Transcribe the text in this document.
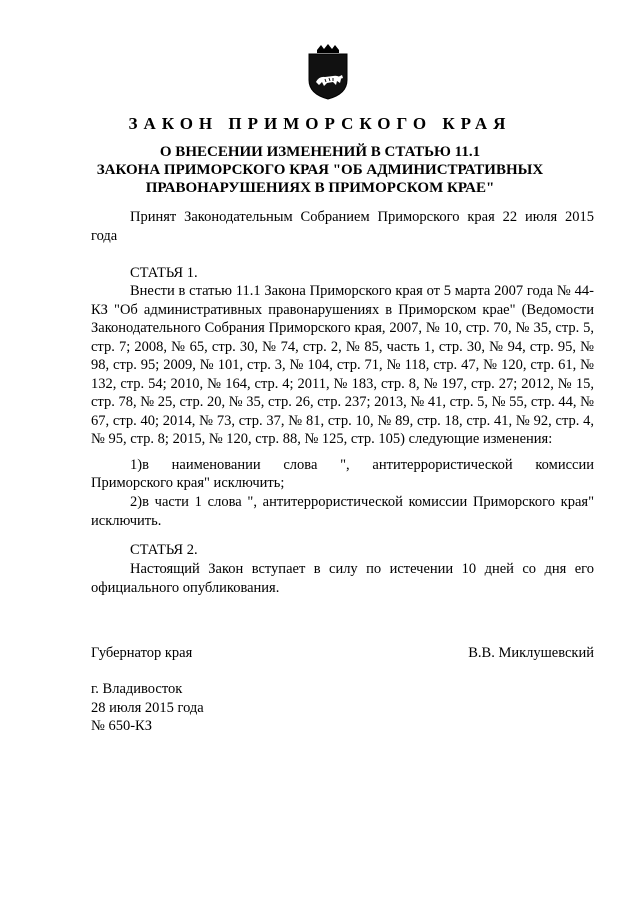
ЗАКОН ПРИМОРСКОГО КРАЯ
О ВНЕСЕНИИ ИЗМЕНЕНИЙ В СТАТЬЮ 11.1
ЗАКОНА ПРИМОРСКОГО КРАЯ "ОБ АДМИНИСТРАТИВНЫХ
ПРАВОНАРУШЕНИЯХ В ПРИМОРСКОМ КРАЕ"
Принят Законодательным Собранием Приморского края 22 июля 2015 года
СТАТЬЯ 1.
Внести в статью 11.1 Закона Приморского края от 5 марта 2007 года № 44-КЗ "Об административных правонарушениях в Приморском крае" (Ведомости Законодательного Собрания Приморского края, 2007, № 10, стр. 70, № 35, стр. 5, стр. 7; 2008, № 65, стр. 30, № 74, стр. 2, № 85, часть 1, стр. 30, № 94, стр. 95, № 98, стр. 95; 2009, № 101, стр. 3, № 104, стр. 71, № 118, стр. 47, № 120, стр. 61, № 132, стр. 54; 2010, № 164, стр. 4; 2011, № 183, стр. 8, № 197, стр. 27; 2012, № 15, стр. 78, № 25, стр. 20, № 35, стр. 26, стр. 237; 2013, № 41, стр. 5, № 55, стр. 44, № 67, стр. 40; 2014, № 73, стр. 37, № 81, стр. 10, № 89, стр. 18, стр. 41, № 92, стр. 4, № 95, стр. 8; 2015, № 120, стр. 88, № 125, стр. 105) следующие изменения:
1)в наименовании слова ", антитеррористической комиссии
Приморского края" исключить;
2)в части 1 слова ", антитеррористической комиссии Приморского края" исключить.
СТАТЬЯ 2.
Настоящий Закон вступает в силу по истечении 10 дней со дня его официального опубликования.
Губернатор края	В.В. Миклушевский
г. Владивосток
28 июля 2015 года
№ 650-КЗ
